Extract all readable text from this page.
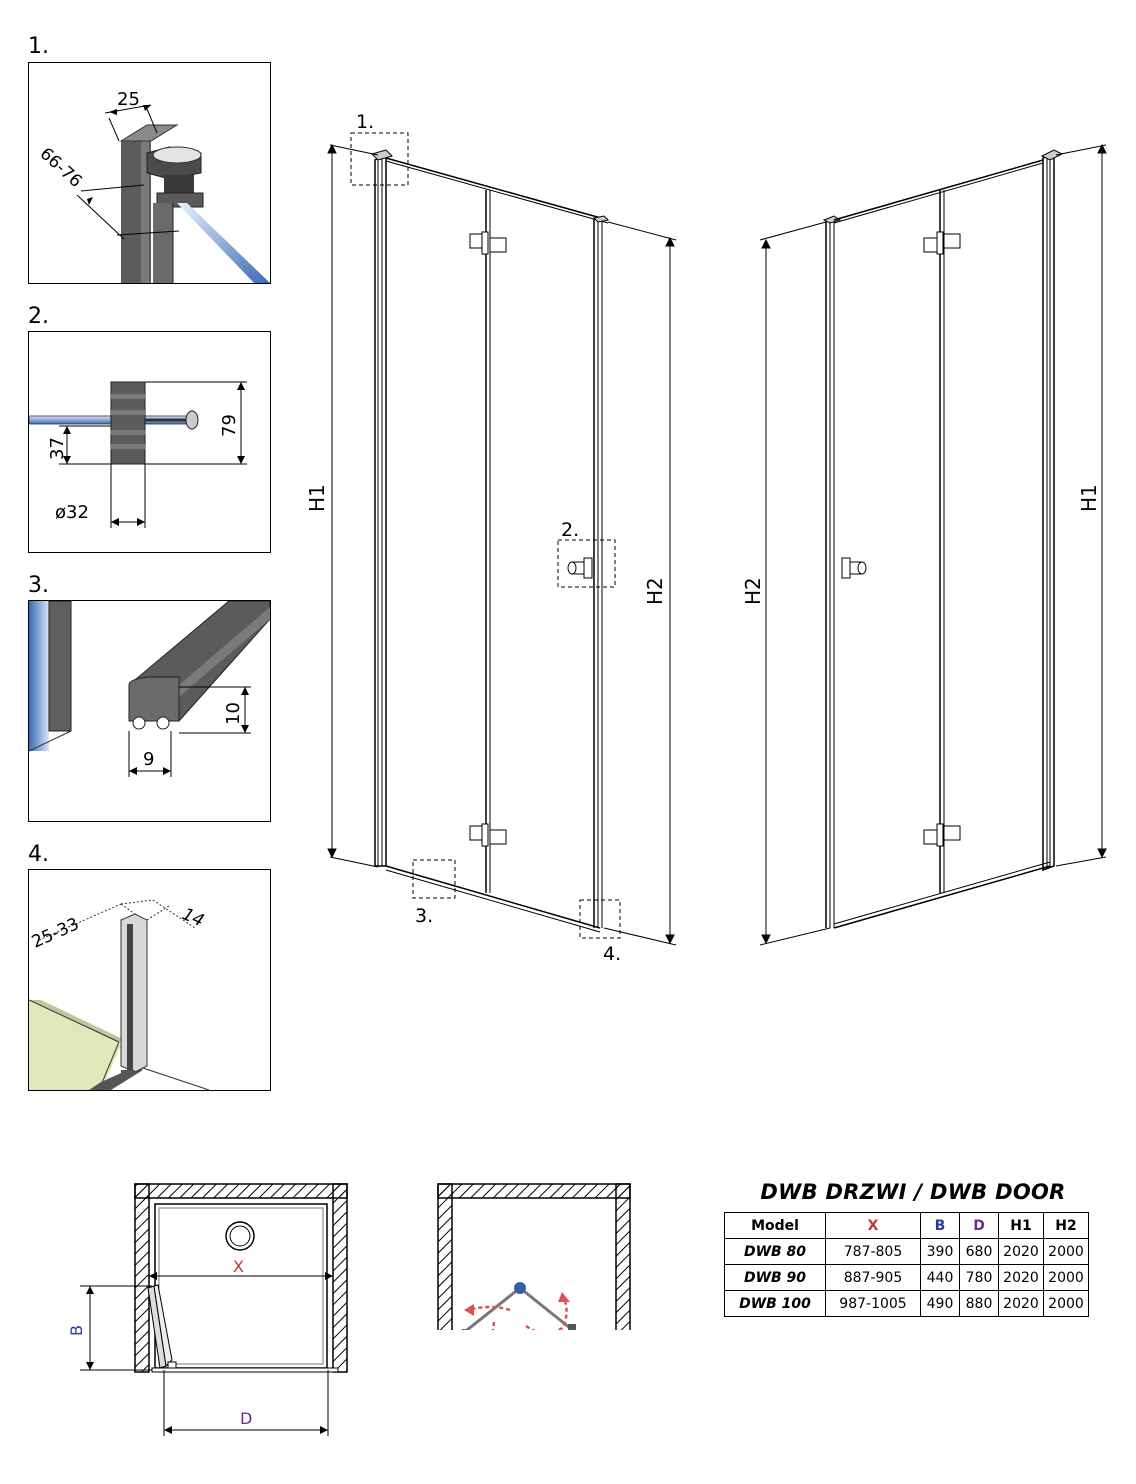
1.
2.
3.
4.
25
66-76
79
37
ø32
10
9
25-33	14
H1
H2
1.
2.
3.
4.
H2
H1
X
B
D
DWB DRZWI / DWB DOOR
Model	X	B	D	H1	H2
DWB 80	787-805	390	680	2020	2000
DWB 90	887-905	440	780	2020	2000
DWB 100	987-1005	490	880	2020	2000
